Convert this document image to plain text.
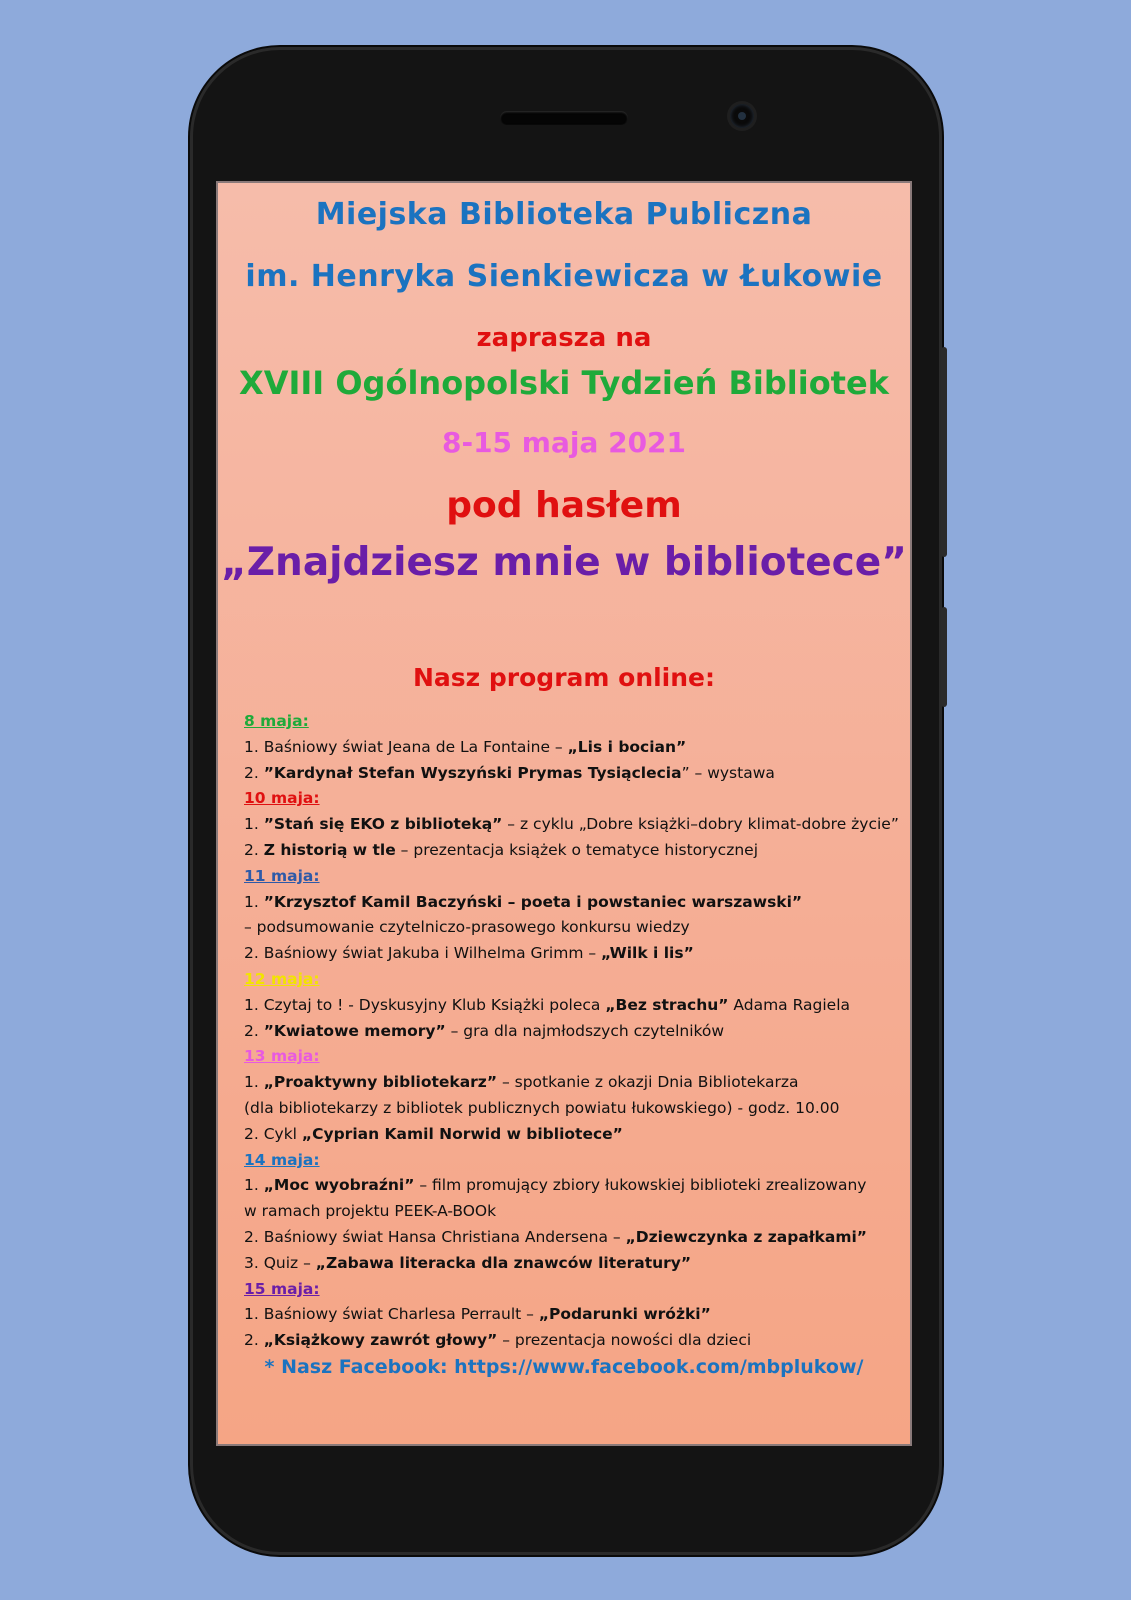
Miejska Biblioteka Publiczna
im. Henryka Sienkiewicza w Łukowie
zaprasza na
XVIII Ogólnopolski Tydzień Bibliotek
8-15 maja 2021
pod hasłem
„Znajdziesz mnie w bibliotece”
Nasz program online:
8 maja:
1. Baśniowy świat Jeana de La Fontaine – „Lis i bocian”
2. ”Kardynał Stefan Wyszyński Prymas Tysiąclecia” – wystawa
10 maja:
1. ”Stań się EKO z biblioteką” – z cyklu „Dobre książki–dobry klimat-dobre życie”
2. Z historią w tle – prezentacja książek o tematyce historycznej
11 maja:
1. ”Krzysztof Kamil Baczyński – poeta i powstaniec warszawski”
– podsumowanie czytelniczo-prasowego konkursu wiedzy
2. Baśniowy świat Jakuba i Wilhelma Grimm – „Wilk i lis”
12 maja:
1. Czytaj to ! - Dyskusyjny Klub Książki poleca „Bez strachu” Adama Ragiela
2. ”Kwiatowe memory” – gra dla najmłodszych czytelników
13 maja:
1. „Proaktywny bibliotekarz” – spotkanie z okazji Dnia Bibliotekarza
(dla bibliotekarzy z bibliotek publicznych powiatu łukowskiego) - godz. 10.00
2. Cykl „Cyprian Kamil Norwid w bibliotece”
14 maja:
1. „Moc wyobraźni” – film promujący zbiory łukowskiej biblioteki zrealizowany
w ramach projektu PEEK-A-BOOk
2. Baśniowy świat Hansa Christiana Andersena – „Dziewczynka z zapałkami”
3. Quiz – „Zabawa literacka dla znawców literatury”
15 maja:
1. Baśniowy świat Charlesa Perrault – „Podarunki wróżki”
2. „Książkowy zawrót głowy” – prezentacja nowości dla dzieci
* Nasz Facebook: https://www.facebook.com/mbplukow/
